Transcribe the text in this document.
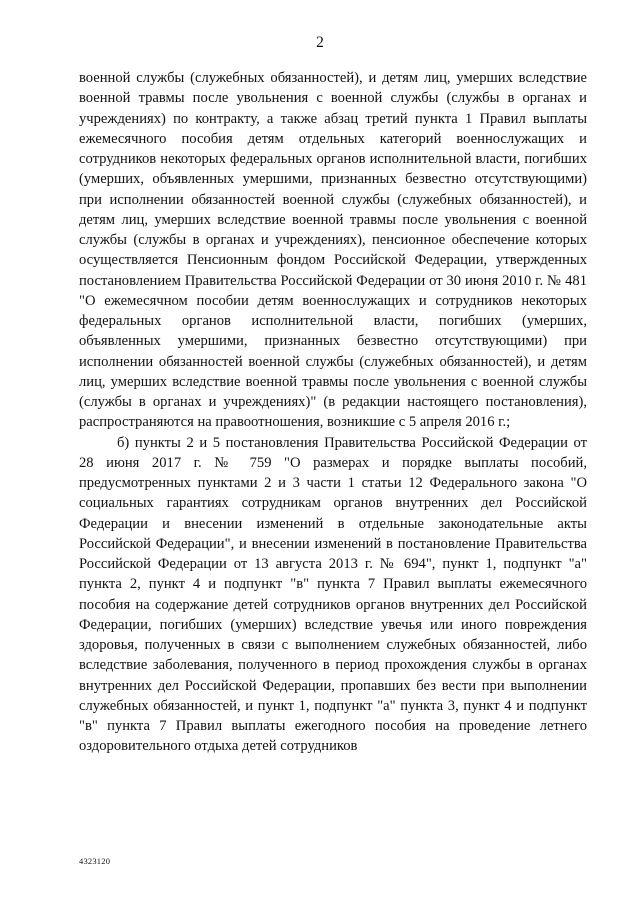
2

военной службы (служебных обязанностей), и детям лиц, умерших вследствие военной травмы после увольнения с военной службы (службы в органах и учреждениях) по контракту, а также абзац третий пункта 1 Правил выплаты ежемесячного пособия детям отдельных категорий военнослужащих и сотрудников некоторых федеральных органов исполнительной власти, погибших (умерших, объявленных умершими, признанных безвестно отсутствующими) при исполнении обязанностей военной службы (служебных обязанностей), и детям лиц, умерших вследствие военной травмы после увольнения с военной службы (службы в органах и учреждениях), пенсионное обеспечение которых осуществляется Пенсионным фондом Российской Федерации, утвержденных постановлением Правительства Российской Федерации от 30 июня 2010 г. № 481 "О ежемесячном пособии детям военнослужащих и сотрудников некоторых федеральных органов исполнительной власти, погибших (умерших, объявленных умершими, признанных безвестно отсутствующими) при исполнении обязанностей военной службы (служебных обязанностей), и детям лиц, умерших вследствие военной травмы после увольнения с военной службы (службы в органах и учреждениях)" (в редакции настоящего постановления), распространяются на правоотношения, возникшие с 5 апреля 2016 г.;

б) пункты 2 и 5 постановления Правительства Российской Федерации от 28 июня 2017 г. № 759 "О размерах и порядке выплаты пособий, предусмотренных пунктами 2 и 3 части 1 статьи 12 Федерального закона "О социальных гарантиях сотрудникам органов внутренних дел Российской Федерации и внесении изменений в отдельные законодательные акты Российской Федерации", и внесении изменений в постановление Правительства Российской Федерации от 13 августа 2013 г. № 694", пункт 1, подпункт "а" пункта 2, пункт 4 и подпункт "в" пункта 7 Правил выплаты ежемесячного пособия на содержание детей сотрудников органов внутренних дел Российской Федерации, погибших (умерших) вследствие увечья или иного повреждения здоровья, полученных в связи с выполнением служебных обязанностей, либо вследствие заболевания, полученного в период прохождения службы в органах внутренних дел Российской Федерации, пропавших без вести при выполнении служебных обязанностей, и пункт 1, подпункт "а" пункта 3, пункт 4 и подпункт "в" пункта 7 Правил выплаты ежегодного пособия на проведение летнего оздоровительного отдыха детей сотрудников

4323120
